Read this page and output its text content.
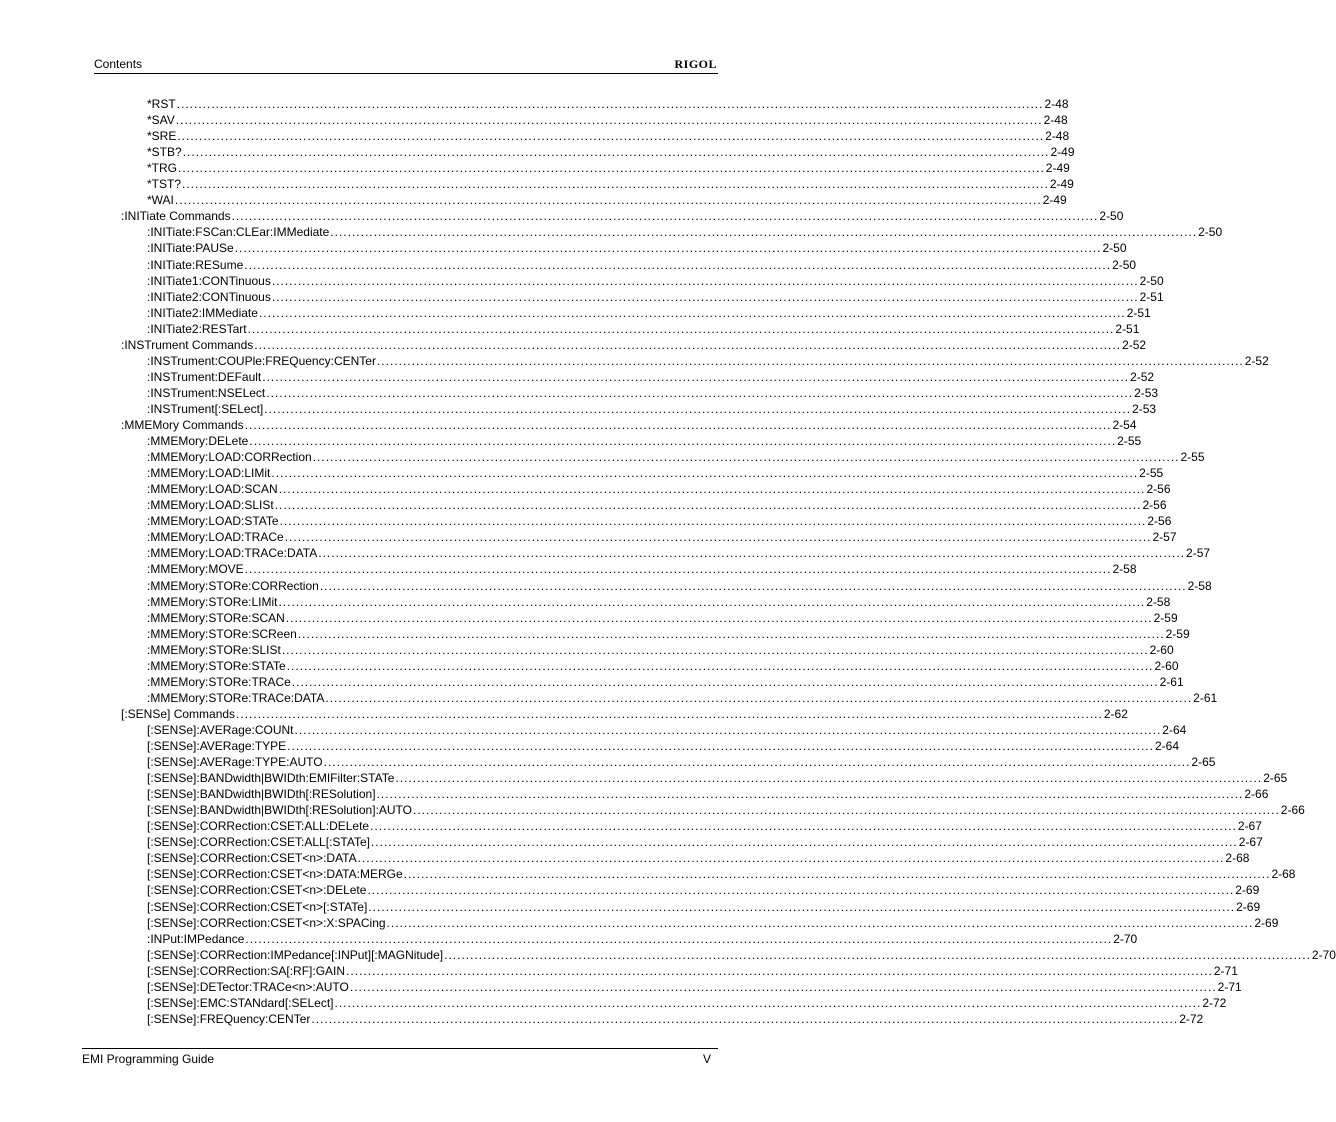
Contents	RIGOL
*RST ........................................................................................................................................................................................................ 2-48
*SAV ........................................................................................................................................................................................................ 2-48
*SRE ........................................................................................................................................................................................................ 2-48
*STB? ........................................................................................................................................................................................................ 2-49
*TRG ........................................................................................................................................................................................................ 2-49
*TST? ........................................................................................................................................................................................................ 2-49
*WAI ........................................................................................................................................................................................................ 2-49
:INITiate Commands ........................................................................................................................................................................................................ 2-50
:INITiate:FSCan:CLEar:IMMediate ........................................................................................................................................................................................................ 2-50
:INITiate:PAUSe ........................................................................................................................................................................................................ 2-50
:INITiate:RESume ........................................................................................................................................................................................................ 2-50
:INITiate1:CONTinuous ........................................................................................................................................................................................................ 2-50
:INITiate2:CONTinuous ........................................................................................................................................................................................................ 2-51
:INITiate2:IMMediate ........................................................................................................................................................................................................ 2-51
:INITiate2:RESTart ........................................................................................................................................................................................................ 2-51
:INSTrument Commands ........................................................................................................................................................................................................ 2-52
:INSTrument:COUPle:FREQuency:CENTer ........................................................................................................................................................................................................ 2-52
:INSTrument:DEFault ........................................................................................................................................................................................................ 2-52
:INSTrument:NSELect ........................................................................................................................................................................................................ 2-53
:INSTrument[:SELect] ........................................................................................................................................................................................................ 2-53
:MMEMory Commands ........................................................................................................................................................................................................ 2-54
:MMEMory:DELete ........................................................................................................................................................................................................ 2-55
:MMEMory:LOAD:CORRection ........................................................................................................................................................................................................ 2-55
:MMEMory:LOAD:LIMit ........................................................................................................................................................................................................ 2-55
:MMEMory:LOAD:SCAN ........................................................................................................................................................................................................ 2-56
:MMEMory:LOAD:SLISt ........................................................................................................................................................................................................ 2-56
:MMEMory:LOAD:STATe ........................................................................................................................................................................................................ 2-56
:MMEMory:LOAD:TRACe ........................................................................................................................................................................................................ 2-57
:MMEMory:LOAD:TRACe:DATA ........................................................................................................................................................................................................ 2-57
:MMEMory:MOVE ........................................................................................................................................................................................................ 2-58
:MMEMory:STORe:CORRection ........................................................................................................................................................................................................ 2-58
:MMEMory:STORe:LIMit ........................................................................................................................................................................................................ 2-58
:MMEMory:STORe:SCAN ........................................................................................................................................................................................................ 2-59
:MMEMory:STORe:SCReen ........................................................................................................................................................................................................ 2-59
:MMEMory:STORe:SLISt ........................................................................................................................................................................................................ 2-60
:MMEMory:STORe:STATe ........................................................................................................................................................................................................ 2-60
:MMEMory:STORe:TRACe ........................................................................................................................................................................................................ 2-61
:MMEMory:STORe:TRACe:DATA ........................................................................................................................................................................................................ 2-61
[:SENSe] Commands ........................................................................................................................................................................................................ 2-62
[:SENSe]:AVERage:COUNt ........................................................................................................................................................................................................ 2-64
[:SENSe]:AVERage:TYPE ........................................................................................................................................................................................................ 2-64
[:SENSe]:AVERage:TYPE:AUTO ........................................................................................................................................................................................................ 2-65
[:SENSe]:BANDwidth|BWIDth:EMIFilter:STATe ........................................................................................................................................................................................................ 2-65
[:SENSe]:BANDwidth|BWIDth[:RESolution] ........................................................................................................................................................................................................ 2-66
[:SENSe]:BANDwidth|BWIDth[:RESolution]:AUTO ........................................................................................................................................................................................................ 2-66
[:SENSe]:CORRection:CSET:ALL:DELete ........................................................................................................................................................................................................ 2-67
[:SENSe]:CORRection:CSET:ALL[:STATe] ........................................................................................................................................................................................................ 2-67
[:SENSe]:CORRection:CSET<n>:DATA ........................................................................................................................................................................................................ 2-68
[:SENSe]:CORRection:CSET<n>:DATA:MERGe ........................................................................................................................................................................................................ 2-68
[:SENSe]:CORRection:CSET<n>:DELete ........................................................................................................................................................................................................ 2-69
[:SENSe]:CORRection:CSET<n>[:STATe] ........................................................................................................................................................................................................ 2-69
[:SENSe]:CORRection:CSET<n>:X:SPACing ........................................................................................................................................................................................................ 2-69
:INPut:IMPedance ........................................................................................................................................................................................................ 2-70
[:SENSe]:CORRection:IMPedance[:INPut][:MAGNitude] ........................................................................................................................................................................................................ 2-70
[:SENSe]:CORRection:SA[:RF]:GAIN ........................................................................................................................................................................................................ 2-71
[:SENSe]:DETector:TRACe<n>:AUTO ........................................................................................................................................................................................................ 2-71
[:SENSe]:EMC:STANdard[:SELect] ........................................................................................................................................................................................................ 2-72
[:SENSe]:FREQuency:CENTer ........................................................................................................................................................................................................ 2-72
EMI Programming Guide	V
